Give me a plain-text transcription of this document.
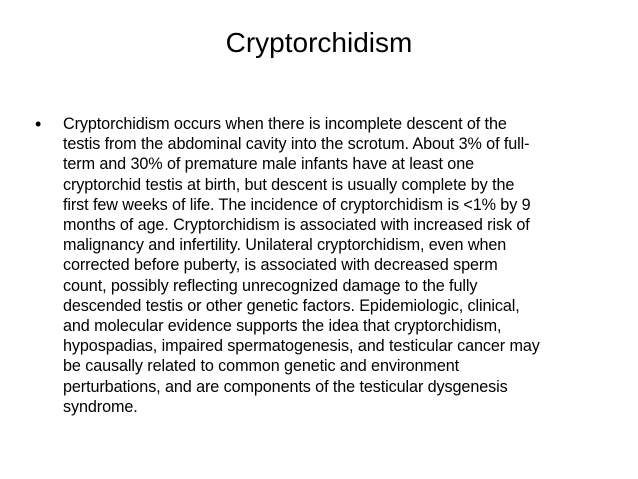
Cryptorchidism
• Cryptorchidism occurs when there is incomplete descent of the
testis from the abdominal cavity into the scrotum. About 3% of full-
term and 30% of premature male infants have at least one
cryptorchid testis at birth, but descent is usually complete by the
first few weeks of life. The incidence of cryptorchidism is <1% by 9
months of age. Cryptorchidism is associated with increased risk of
malignancy and infertility. Unilateral cryptorchidism, even when
corrected before puberty, is associated with decreased sperm
count, possibly reflecting unrecognized damage to the fully
descended testis or other genetic factors. Epidemiologic, clinical,
and molecular evidence supports the idea that cryptorchidism,
hypospadias, impaired spermatogenesis, and testicular cancer may
be causally related to common genetic and environment
perturbations, and are components of the testicular dysgenesis
syndrome.
